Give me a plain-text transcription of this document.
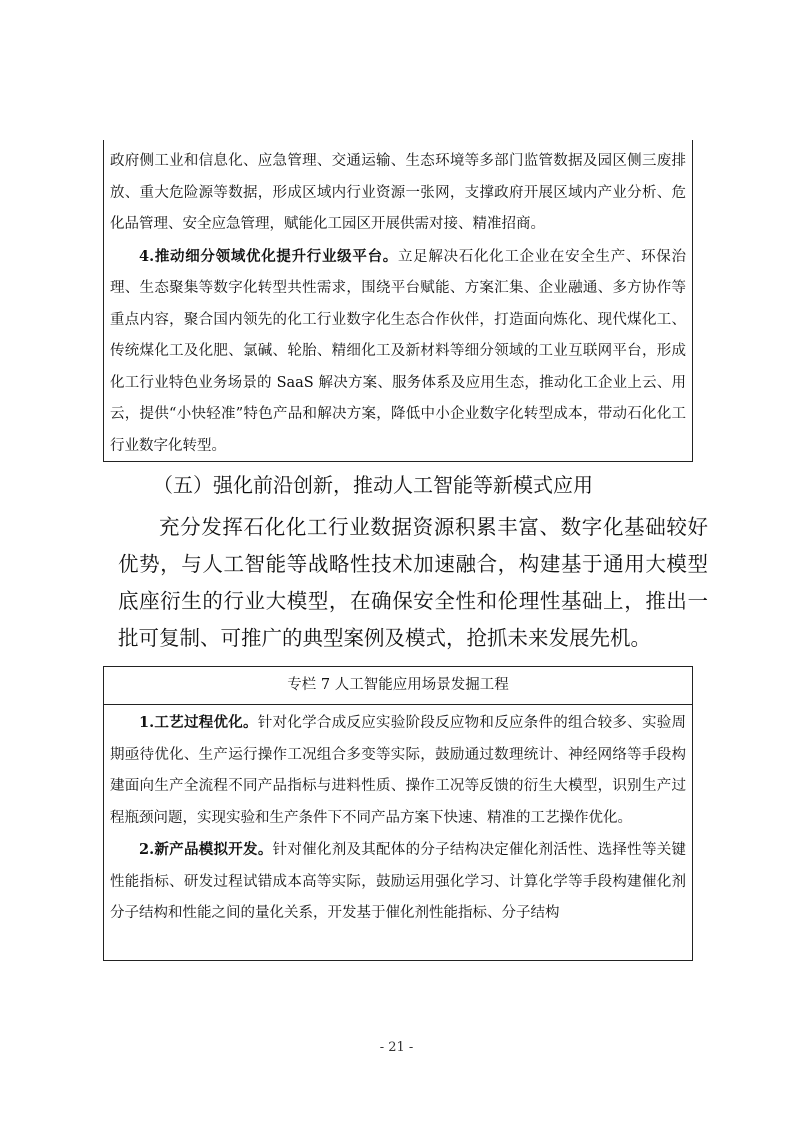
政府侧工业和信息化、应急管理、交通运输、生态环境等多部门监管数据及园区侧三废排放、重大危险源等数据，形成区域内行业资源一张网，支撑政府开展区域内产业分析、危化品管理、安全应急管理，赋能化工园区开展供需对接、精准招商。

4.推动细分领域优化提升行业级平台。立足解决石化化工企业在安全生产、环保治理、生态聚集等数字化转型共性需求，围绕平台赋能、方案汇集、企业融通、多方协作等重点内容，聚合国内领先的化工行业数字化生态合作伙伴，打造面向炼化、现代煤化工、传统煤化工及化肥、氯碱、轮胎、精细化工及新材料等细分领域的工业互联网平台，形成化工行业特色业务场景的 SaaS 解决方案、服务体系及应用生态，推动化工企业上云、用云，提供“小快轻准”特色产品和解决方案，降低中小企业数字化转型成本，带动石化化工行业数字化转型。

（五）强化前沿创新，推动人工智能等新模式应用

充分发挥石化化工行业数据资源积累丰富、数字化基础较好优势，与人工智能等战略性技术加速融合，构建基于通用大模型底座衍生的行业大模型，在确保安全性和伦理性基础上，推出一批可复制、可推广的典型案例及模式，抢抓未来发展先机。

专栏 7 人工智能应用场景发掘工程

1.工艺过程优化。针对化学合成反应实验阶段反应物和反应条件的组合较多、实验周期亟待优化、生产运行操作工况组合多变等实际，鼓励通过数理统计、神经网络等手段构建面向生产全流程不同产品指标与进料性质、操作工况等反馈的衍生大模型，识别生产过程瓶颈问题，实现实验和生产条件下不同产品方案下快速、精准的工艺操作优化。

2.新产品模拟开发。针对催化剂及其配体的分子结构决定催化剂活性、选择性等关键性能指标、研发过程试错成本高等实际，鼓励运用强化学习、计算化学等手段构建催化剂分子结构和性能之间的量化关系，开发基于催化剂性能指标、分子结构

- 21 -
